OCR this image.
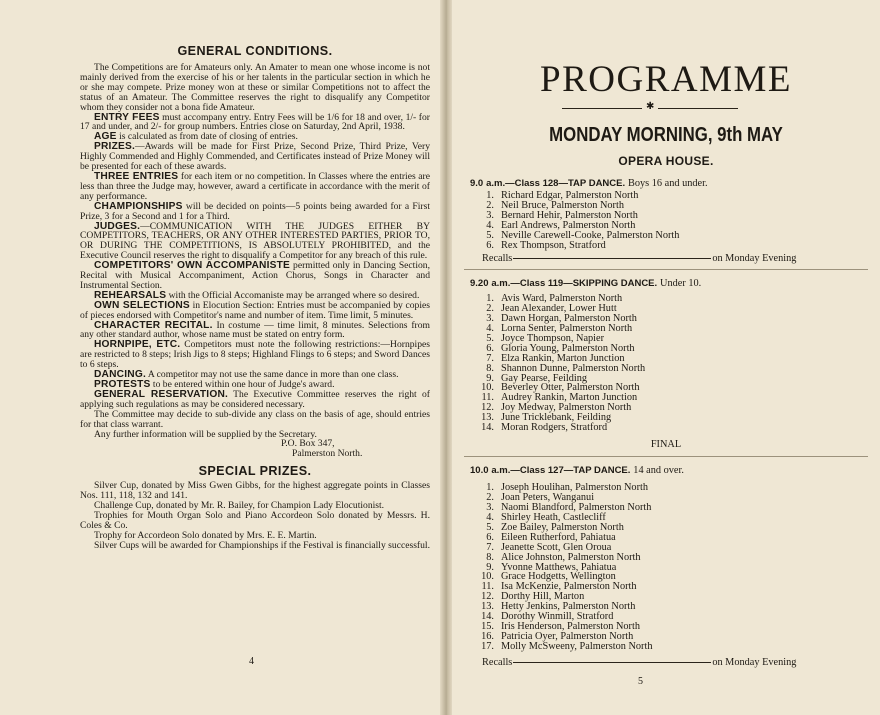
GENERAL CONDITIONS.

The Competitions are for Amateurs only. An Amater to mean one whose income is not mainly derived from the exercise of his or her talents in the particular section in which he or she may compete. Prize money won at these or similar Competitions not to affect the status of an Amateur. The Committee reserves the right to disqualify any Competitor whom they consider not a bona fide Amateur.

ENTRY FEES must accompany entry. Entry Fees will be 1/6 for 18 and over, 1/- for 17 and under, and 2/- for group numbers. Entries close on Saturday, 2nd April, 1938.

AGE is calculated as from date of closing of entries.

PRIZES.—Awards will be made for First Prize, Second Prize, Third Prize, Very Highly Commended and Highly Commended, and Certificates instead of Prize Money will be presented for each of these awards.

THREE ENTRIES for each item or no competition. In Classes where the entries are less than three the Judge may, however, award a certificate in accordance with the merit of any performance.

CHAMPIONSHIPS will be decided on points—5 points being awarded for a First Prize, 3 for a Second and 1 for a Third.

JUDGES.—COMMUNICATION WITH THE JUDGES EITHER BY COMPETITORS, TEACHERS, OR ANY OTHER INTERESTED PARTIES, PRIOR TO, OR DURING THE COMPETITIONS, IS ABSOLUTELY PROHIBITED, and the Executive Council reserves the right to disqualify a Competitor for any breach of this rule.

COMPETITORS' OWN ACCOMPANISTE permitted only in Dancing Section, Recital with Musical Accompaniment, Action Chorus, Songs in Character and Instrumental Section.

REHEARSALS with the Official Accomaniste may be arranged where so desired.

OWN SELECTIONS in Elocution Section: Entries must be accompanied by copies of pieces endorsed with Competitor's name and number of item. Time limit, 5 minutes.

CHARACTER RECITAL. In costume — time limit, 8 minutes. Selections from any other standard author, whose name must be stated on entry form.

HORNPIPE, ETC. Competitors must note the following restrictions:—Hornpipes are restricted to 8 steps; Irish Jigs to 8 steps; Highland Flings to 6 steps; and Sword Dances to 6 steps.

DANCING. A competitor may not use the same dance in more than one class.

PROTESTS to be entered within one hour of Judge's award.

GENERAL RESERVATION. The Executive Committee reserves the right of applying such regulations as may be considered necessary.

The Committee may decide to sub-divide any class on the basis of age, should entries for that class warrant.

Any further information will be supplied by the Secretary.

P.O. Box 347,

Palmerston North.

SPECIAL PRIZES.

Silver Cup, donated by Miss Gwen Gibbs, for the highest aggregate points in Classes Nos. 111, 118, 132 and 141.

Challenge Cup, donated by Mr. R. Bailey, for Champion Lady Elocutionist.

Trophies for Mouth Organ Solo and Piano Accordeon Solo donated by Messrs. H. Coles & Co.

Trophy for Accordeon Solo donated by Mrs. E. E. Martin.

Silver Cups will be awarded for Championships if the Festival is financially successful.

4
PROGRAMME
✱
MONDAY MORNING, 9th MAY
OPERA HOUSE.
9.0 a.m.—Class 128—TAP DANCE. Boys 16 and under.
1. Richard Edgar, Palmerston North
2. Neil Bruce, Palmerston North
3. Bernard Hehir, Palmerston North
4. Earl Andrews, Palmerston North
5. Neville Carewell-Cooke, Palmerston North
6. Rex Thompson, Stratford
Recalls	on Monday Evening
9.20 a.m.—Class 119—SKIPPING DANCE. Under 10.
1. Avis Ward, Palmerston North
2. Jean Alexander, Lower Hutt
3. Dawn Horgan, Palmerston North
4. Lorna Senter, Palmerston North
5. Joyce Thompson, Napier
6. Gloria Young, Palmerston North
7. Elza Rankin, Marton Junction
8. Shannon Dunne, Palmerston North
9. Gay Pearse, Feilding
10. Beverley Otter, Palmerston North
11. Audrey Rankin, Marton Junction
12. Joy Medway, Palmerston North
13. June Tricklebank, Feilding
14. Moran Rodgers, Stratford
FINAL
10.0 a.m.—Class 127—TAP DANCE. 14 and over.
1. Joseph Houlihan, Palmerston North
2. Joan Peters, Wanganui
3. Naomi Blandford, Palmerston North
4. Shirley Heath, Castlecliff
5. Zoe Bailey, Palmerston North
6. Eileen Rutherford, Pahiatua
7. Jeanette Scott, Glen Oroua
8. Alice Johnston, Palmerston North
9. Yvonne Matthews, Pahiatua
10. Grace Hodgetts, Wellington
11. Isa McKenzie, Palmerston North
12. Dorthy Hill, Marton
13. Hetty Jenkins, Palmerston North
14. Dorothy Winmill, Stratford
15. Iris Henderson, Palmerston North
16. Patricia Oyer, Palmerston North
17. Molly McSweeny, Palmerston North
Recalls	on Monday Evening
5
